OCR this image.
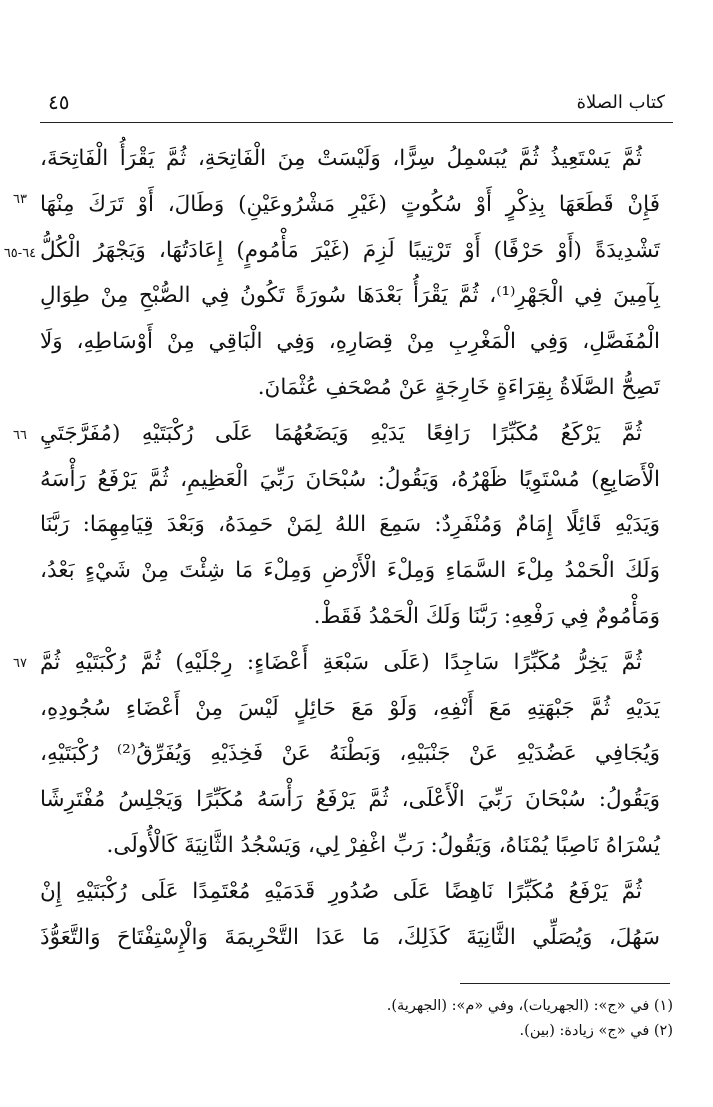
كتاب الصلاة
٤٥
٦٣
٦٤-٦٥
٦٦
٦٧
ثُمَّ يَسْتَعِيذُ ثُمَّ يُبَسْمِلُ سِرًّا، وَلَيْسَتْ مِنَ الْفَاتِحَةِ، ثُمَّ يَقْرَأُ الْفَاتِحَةَ،
فَإِنْ قَطَعَهَا بِذِكْرٍ أَوْ سُكُوتٍ (غَيْرِ مَشْرُوعَيْنِ) وَطَالَ، أَوْ تَرَكَ مِنْهَا
تَشْدِيدَةً (أَوْ حَرْفًا) أَوْ تَرْتِيبًا لَزِمَ (غَيْرَ مَأْمُومٍ) إِعَادَتُهَا، وَيَجْهَرُ الْكُلُّ
بِآمِينَ فِي الْجَهْرِ⁽¹⁾، ثُمَّ يَقْرَأُ بَعْدَهَا سُورَةً تَكُونُ فِي الصُّبْحِ مِنْ طِوَالِ
الْمُفَصَّلِ، وَفِي الْمَغْرِبِ مِنْ قِصَارِهِ، وَفِي الْبَاقِي مِنْ أَوْسَاطِهِ، وَلَا
تَصِحُّ الصَّلَاةُ بِقِرَاءَةٍ خَارِجَةٍ عَنْ مُصْحَفِ عُثْمَانَ.
ثُمَّ يَرْكَعُ مُكَبِّرًا رَافِعًا يَدَيْهِ وَيَضَعُهُمَا عَلَى رُكْبَتَيْهِ (مُفَرَّجَتَيِ
الْأَصَابِعِ) مُسْتَوِيًا ظَهْرُهُ، وَيَقُولُ: سُبْحَانَ رَبِّيَ الْعَظِيمِ، ثُمَّ يَرْفَعُ رَأْسَهُ
وَيَدَيْهِ قَائِلًا إِمَامٌ وَمُنْفَرِدٌ: سَمِعَ اللهُ لِمَنْ حَمِدَهُ، وَبَعْدَ قِيَامِهِمَا: رَبَّنَا
وَلَكَ الْحَمْدُ مِلْءَ السَّمَاءِ وَمِلْءَ الْأَرْضِ وَمِلْءَ مَا شِئْتَ مِنْ شَيْءٍ بَعْدُ،
وَمَأْمُومٌ فِي رَفْعِهِ: رَبَّنَا وَلَكَ الْحَمْدُ فَقَطْ.
ثُمَّ يَخِرُّ مُكَبِّرًا سَاجِدًا (عَلَى سَبْعَةِ أَعْضَاءٍ: رِجْلَيْهِ) ثُمَّ رُكْبَتَيْهِ ثُمَّ
يَدَيْهِ ثُمَّ جَبْهَتِهِ مَعَ أَنْفِهِ، وَلَوْ مَعَ حَائِلٍ لَيْسَ مِنْ أَعْضَاءِ سُجُودِهِ،
وَيُجَافِي عَضُدَيْهِ عَنْ جَنْبَيْهِ، وَبَطْنَهُ عَنْ فَخِذَيْهِ وَيُفَرِّقُ⁽²⁾ رُكْبَتَيْهِ،
وَيَقُولُ: سُبْحَانَ رَبِّيَ الْأَعْلَى، ثُمَّ يَرْفَعُ رَأْسَهُ مُكَبِّرًا وَيَجْلِسُ مُفْتَرِشًا
يُسْرَاهُ نَاصِبًا يُمْنَاهُ، وَيَقُولُ: رَبِّ اغْفِرْ لِي، وَيَسْجُدُ الثَّانِيَةَ كَالْأُولَى.
ثُمَّ يَرْفَعُ مُكَبِّرًا نَاهِضًا عَلَى صُدُورِ قَدَمَيْهِ مُعْتَمِدًا عَلَى رُكْبَتَيْهِ إِنْ
سَهُلَ، وَيُصَلِّي الثَّانِيَةَ كَذَلِكَ، مَا عَدَا التَّحْرِيمَةَ وَالْإِسْتِفْتَاحَ وَالتَّعَوُّذَ
(١) في «ج»: (الجهريات)، وفي «م»: (الجهرية).
(٢) في «ج» زيادة: (بين).
